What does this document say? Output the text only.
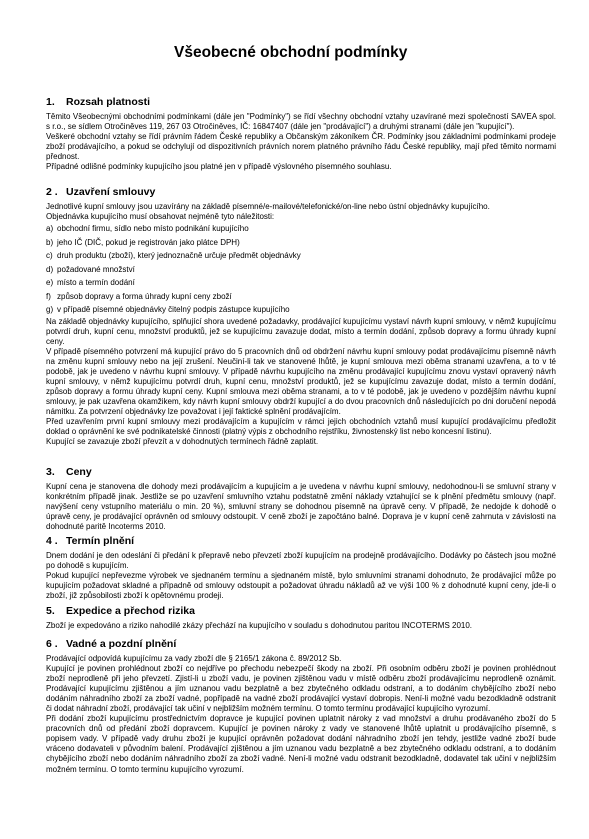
Všeobecné obchodní podmínky
1. Rozsah platnosti

Těmito Všeobecnými obchodními podmínkami (dále jen "Podmínky") se řídí všechny obchodní vztahy uzavírané mezi společností SAVEA spol. s r.o., se sídlem Otročiněves 119, 267 03 Otročiněves, IČ: 16847407 (dále jen "prodávající") a druhými stranami (dále jen "kupující").

Veškeré obchodní vztahy se řídí právním řádem České republiky a Občanským zákoníkem ČR. Podmínky jsou základními podmínkami prodeje zboží prodávajícího, a pokud se odchylují od dispozitivních právních norem platného právního řádu České republiky, mají před těmito normami přednost.

Případné odlišné podmínky kupujícího jsou platné jen v případě výslovného písemného souhlasu.

2 . Uzavření smlouvy

Jednotlivé kupní smlouvy jsou uzavírány na základě písemné/e-mailové/telefonické/on-line nebo ústní objednávky kupujícího.

Objednávka kupujícího musí obsahovat nejméně tyto náležitosti:

a) obchodní firmu, sídlo nebo místo podnikání kupujícího
b) jeho IČ (DIČ, pokud je registrován jako plátce DPH)
c) druh produktu (zboží), který jednoznačně určuje předmět objednávky
d) požadované množství
e) místo a termín dodání
f) způsob dopravy a forma úhrady kupní ceny zboží
g) v případě písemné objednávky čitelný podpis zástupce kupujícího

Na základě objednávky kupujícího, splňující shora uvedené požadavky, prodávající kupujícímu vystaví návrh kupní smlouvy, v němž kupujícímu potvrdí druh, kupní cenu, množství produktů, jež se kupujícímu zavazuje dodat, místo a termín dodání, způsob dopravy a formu úhrady kupní ceny.

V případě písemného potvrzení má kupující právo do 5 pracovních dnů od obdržení návrhu kupní smlouvy podat prodávajícímu písemně návrh na změnu kupní smlouvy nebo na její zrušení. Neučiní-li tak ve stanovené lhůtě, je kupní smlouva mezi oběma stranami uzavřena, a to v té podobě, jak je uvedeno v návrhu kupní smlouvy. V případě návrhu kupujícího na změnu prodávající kupujícímu znovu vystaví opravený návrh kupní smlouvy, v němž kupujícímu potvrdí druh, kupní cenu, množství produktů, jež se kupujícímu zavazuje dodat, místo a termín dodání, způsob dopravy a formu úhrady kupní ceny. Kupní smlouva mezi oběma stranami, a to v té podobě, jak je uvedeno v pozdějším návrhu kupní smlouvy, je pak uzavřena okamžikem, kdy návrh kupní smlouvy obdrží kupující a do dvou pracovních dnů následujících po dni doručení nepodá námitku. Za potvrzení objednávky lze považovat i její faktické splnění prodávajícím.

Před uzavřením první kupní smlouvy mezi prodávajícím a kupujícím v rámci jejich obchodních vztahů musí kupující prodávajícímu předložit doklad o oprávnění ke své podnikatelské činnosti (platný výpis z obchodního rejstříku, živnostenský list nebo koncesní listinu).

Kupující se zavazuje zboží převzít a v dohodnutých termínech řádně zaplatit.

3. Ceny

Kupní cena je stanovena dle dohody mezi prodávajícím a kupujícím a je uvedena v návrhu kupní smlouvy, nedohodnou-li se smluvní strany v konkrétním případě jinak. Jestliže se po uzavření smluvního vztahu podstatně změní náklady vztahující se k plnění předmětu smlouvy (např. navýšení ceny vstupního materiálu o min. 20 %), smluvní strany se dohodnou písemně na úpravě ceny. V případě, že nedojde k dohodě o úpravě ceny, je prodávající oprávněn od smlouvy odstoupit. V ceně zboží je započtáno balné. Doprava je v kupní ceně zahrnuta v závislosti na dohodnuté paritě Incoterms 2010.

4 . Termín plnění

Dnem dodání je den odeslání či předání k přepravě nebo převzetí zboží kupujícím na prodejně prodávajícího. Dodávky po částech jsou možné po dohodě s kupujícím.

Pokud kupující nepřevezme výrobek ve sjednaném termínu a sjednaném místě, bylo smluvními stranami dohodnuto, že prodávající může po kupujícím požadovat skladné a případně od smlouvy odstoupit a požadovat úhradu nákladů až ve výši 100 % z dohodnuté kupní ceny, jde-li o zboží, již způsobilosti zboží k opětovnému prodeji.

5. Expedice a přechod rizika

Zboží je expedováno a riziko nahodilé zkázy přechází na kupujícího v souladu s dohodnutou paritou INCOTERMS 2010.

6 . Vadné a pozdní plnění

Prodávající odpovídá kupujícímu za vady zboží dle § 2165/1 zákona č. 89/2012 Sb.

Kupující je povinen prohlédnout zboží co nejdříve po přechodu nebezpečí škody na zboží. Při osobním odběru zboží je povinen prohlédnout zboží neprodleně při jeho převzetí. Zjistí-li u zboží vadu, je povinen zjištěnou vadu v místě odběru zboží prodávajícímu neprodleně oznámit. Prodávající kupujícímu zjištěnou a jím uznanou vadu bezplatně a bez zbytečného odkladu odstraní, a to dodáním chybějícího zboží nebo dodáním náhradního zboží za zboží vadné, popřípadě na vadné zboží prodávající vystaví dobropis. Není-li možné vadu bezodkladně odstranit či dodat náhradní zboží, prodávající tak učiní v nejbližším možném termínu. O tomto termínu prodávající kupujícího vyrozumí.

Při dodání zboží kupujícímu prostřednictvím dopravce je kupující povinen uplatnit nároky z vad množství a druhu prodávaného zboží do 5 pracovních dnů od předání zboží dopravcem. Kupující je povinen nároky z vady ve stanovené lhůtě uplatnit u prodávajícího písemně, s popisem vady. V případě vady druhu zboží je kupující oprávněn požadovat dodání náhradního zboží jen tehdy, jestliže vadné zboží bude vráceno dodavateli v původním balení. Prodávající zjištěnou a jím uznanou vadu bezplatně a bez zbytečného odkladu odstraní, a to dodáním chybějícího zboží nebo dodáním náhradního zboží za zboží vadné. Není-li možné vadu odstranit bezodkladně, dodavatel tak učiní v nejbližším možném termínu. O tomto termínu kupujícího vyrozumí.
